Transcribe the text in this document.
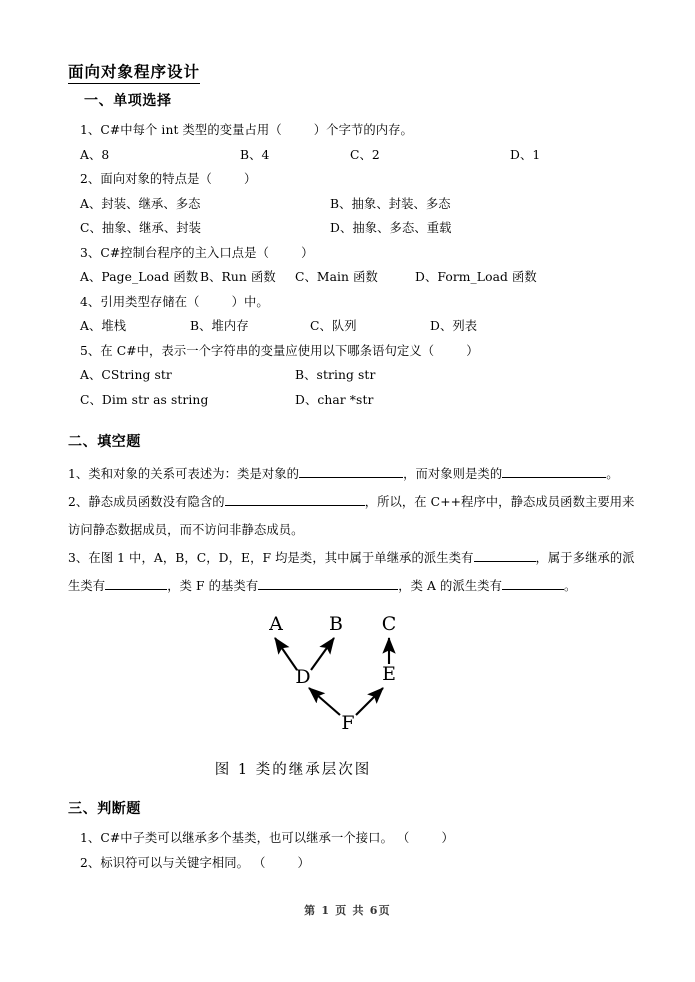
面向对象程序设计
一、单项选择
1、C#中每个 int 类型的变量占用（        ）个字节的内存。
A、8	B、4	C、2	D、1
2、面向对象的特点是（        ）
A、封装、继承、多态	B、抽象、封装、多态
C、抽象、继承、封装	D、抽象、多态、重载
3、C#控制台程序的主入口点是（        ）
A、Page_Load 函数 B、Run 函数	C、Main 函数	D、Form_Load 函数
4、引用类型存储在（        ）中。
A、堆栈	B、堆内存	C、队列	D、列表
5、在 C#中，表示一个字符串的变量应使用以下哪条语句定义（        ）
A、CString str	B、string str
C、Dim str as string	D、char *str
二、填空题
1、类和对象的关系可表述为：类是对象的	，而对象则是类的	。
2、静态成员函数没有隐含的	，所以，在 C++程序中，静态成员函数主要用来访问静态数据成员，而不访问非静态成员。
3、在图 1 中，A，B，C，D，E，F 均是类，其中属于单继承的派生类有	，属于多继承的派生类有	，类 F 的基类有	，类 A 的派生类有	。
A B C
D	E
F
图 1 类的继承层次图
三、判断题
1、C#中子类可以继承多个基类，也可以继承一个接口。 （        ）
2、标识符可以与关键字相同。 （        ）
第 1 页 共 6页
